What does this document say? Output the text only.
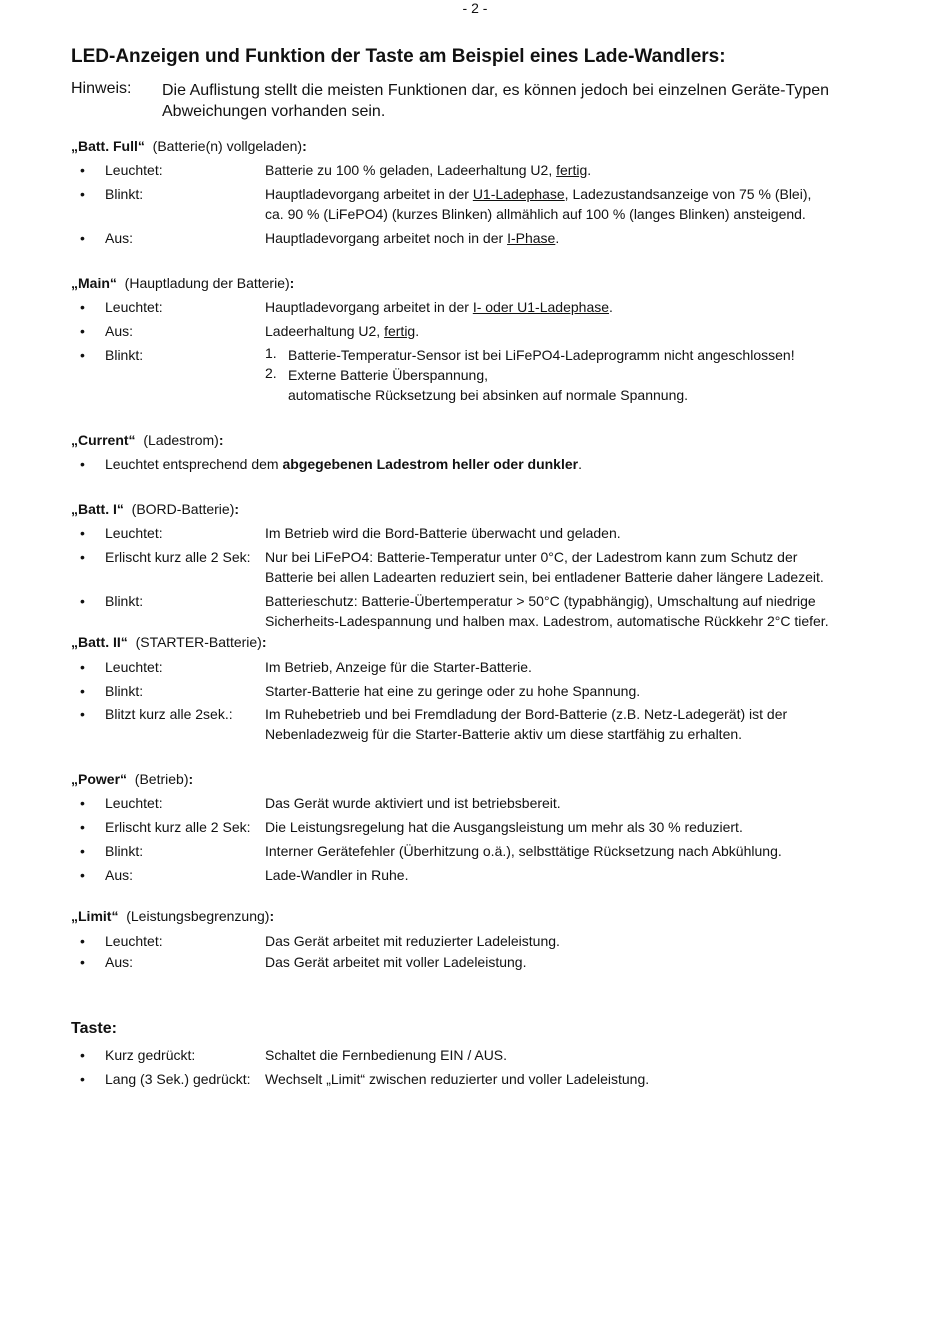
- 2 -
LED-Anzeigen und Funktion der Taste am Beispiel eines Lade-Wandlers:
Hinweis: Die Auflistung stellt die meisten Funktionen dar, es können jedoch bei einzelnen Geräte-Typen
Abweichungen vorhanden sein.
„Batt. Full“ (Batterie(n) vollgeladen):
• Leuchtet:	Batterie zu 100 % geladen, Ladeerhaltung U2, fertig.
• Blinkt:	Hauptladevorgang arbeitet in der U1-Ladephase, Ladezustandsanzeige von 75 % (Blei),
ca. 90 % (LiFePO4) (kurzes Blinken) allmählich auf 100 % (langes Blinken) ansteigend.
• Aus:	Hauptladevorgang arbeitet noch in der I-Phase.
„Main“ (Hauptladung der Batterie):
• Leuchtet:	Hauptladevorgang arbeitet in der I- oder U1-Ladephase.
• Aus:	Ladeerhaltung U2, fertig.
• Blinkt:	1. Batterie-Temperatur-Sensor ist bei LiFePO4-Ladeprogramm nicht angeschlossen!
2. Externe Batterie Überspannung,
automatische Rücksetzung bei absinken auf normale Spannung.
„Current“ (Ladestrom):
• Leuchtet entsprechend dem abgegebenen Ladestrom heller oder dunkler.
„Batt. I“ (BORD-Batterie):
• Leuchtet:	Im Betrieb wird die Bord-Batterie überwacht und geladen.
• Erlischt kurz alle 2 Sek: Nur bei LiFePO4: Batterie-Temperatur unter 0°C, der Ladestrom kann zum Schutz der
Batterie bei allen Ladearten reduziert sein, bei entladener Batterie daher längere Ladezeit.
• Blinkt:	Batterieschutz: Batterie-Übertemperatur > 50°C (typabhängig), Umschaltung auf niedrige
Sicherheits-Ladespannung und halben max. Ladestrom, automatische Rückkehr 2°C tiefer.
„Batt. II“ (STARTER-Batterie):
• Leuchtet:	Im Betrieb, Anzeige für die Starter-Batterie.
• Blinkt:	Starter-Batterie hat eine zu geringe oder zu hohe Spannung.
• Blitzt kurz alle 2sek.: Im Ruhebetrieb und bei Fremdladung der Bord-Batterie (z.B. Netz-Ladegerät) ist der
Nebenladezweig für die Starter-Batterie aktiv um diese startfähig zu erhalten.
„Power“ (Betrieb):
• Leuchtet:	Das Gerät wurde aktiviert und ist betriebsbereit.
• Erlischt kurz alle 2 Sek: Die Leistungsregelung hat die Ausgangsleistung um mehr als 30 % reduziert.
• Blinkt:	Interner Gerätefehler (Überhitzung o.ä.), selbsttätige Rücksetzung nach Abkühlung.
• Aus:	Lade-Wandler in Ruhe.
„Limit“ (Leistungsbegrenzung):
• Leuchtet:	Das Gerät arbeitet mit reduzierter Ladeleistung.
• Aus:	Das Gerät arbeitet mit voller Ladeleistung.
Taste:
• Kurz gedrückt:	Schaltet die Fernbedienung EIN / AUS.
• Lang (3 Sek.) gedrückt: Wechselt „Limit“ zwischen reduzierter und voller Ladeleistung.
